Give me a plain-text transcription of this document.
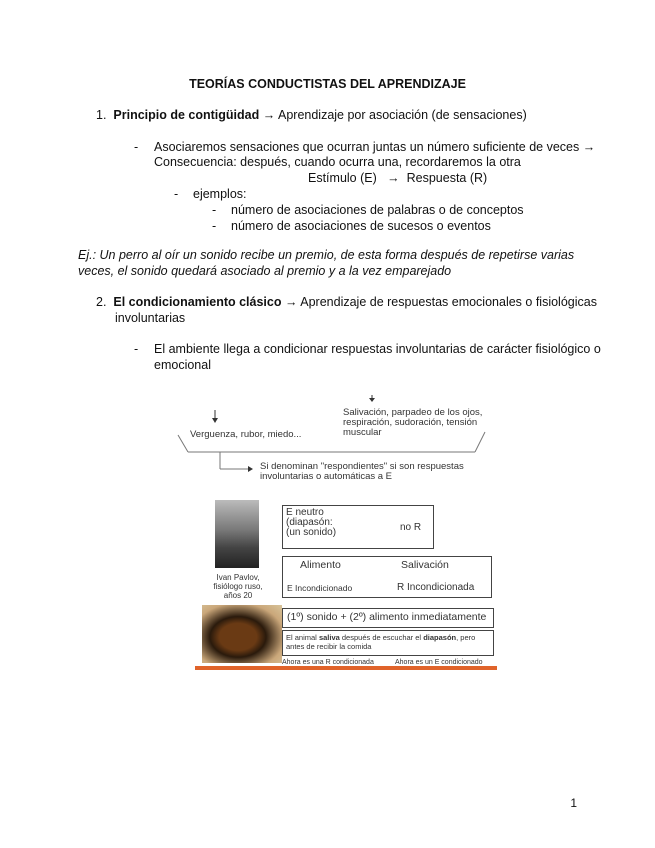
TEORÍAS CONDUCTISTAS DEL APRENDIZAJE
1. Principio de contigüidad → Aprendizaje por asociación (de sensaciones)
- Asociaremos sensaciones que ocurran juntas un número suficiente de veces →
Consecuencia: después, cuando ocurra una, recordaremos la otra
Estímulo (E)   →  Respuesta (R)
- ejemplos:
- número de asociaciones de palabras o de conceptos
- número de asociaciones de sucesos o eventos
Ej.: Un perro al oír un sonido recibe un premio, de esta forma después de repetirse varias
veces, el sonido quedará asociado al premio y a la vez emparejado
2. El condicionamiento clásico → Aprendizaje de respuestas emocionales o fisiológicas
involuntarias
- El ambiente llega a condicionar respuestas involuntarias de carácter fisiológico o
emocional
Salivación, parpadeo de los ojos,
respiración, sudoración, tensión
muscular
Verguenza, rubor, miedo...
Si denominan "respondientes" si son respuestas
involuntarias o automáticas a E
Ivan Pavlov,
fisiólogo ruso,
años 20
E neutro
(diapasón:
(un sonido)	no R
Alimento	Salivación
E Incondicionado	R Incondicionada
(1º) sonido + (2º) alimento inmediatamente
El animal saliva después de escuchar el diapasón, pero
antes de recibir la comida
Ahora es una R condicionada	Ahora es un E condicionado
1
